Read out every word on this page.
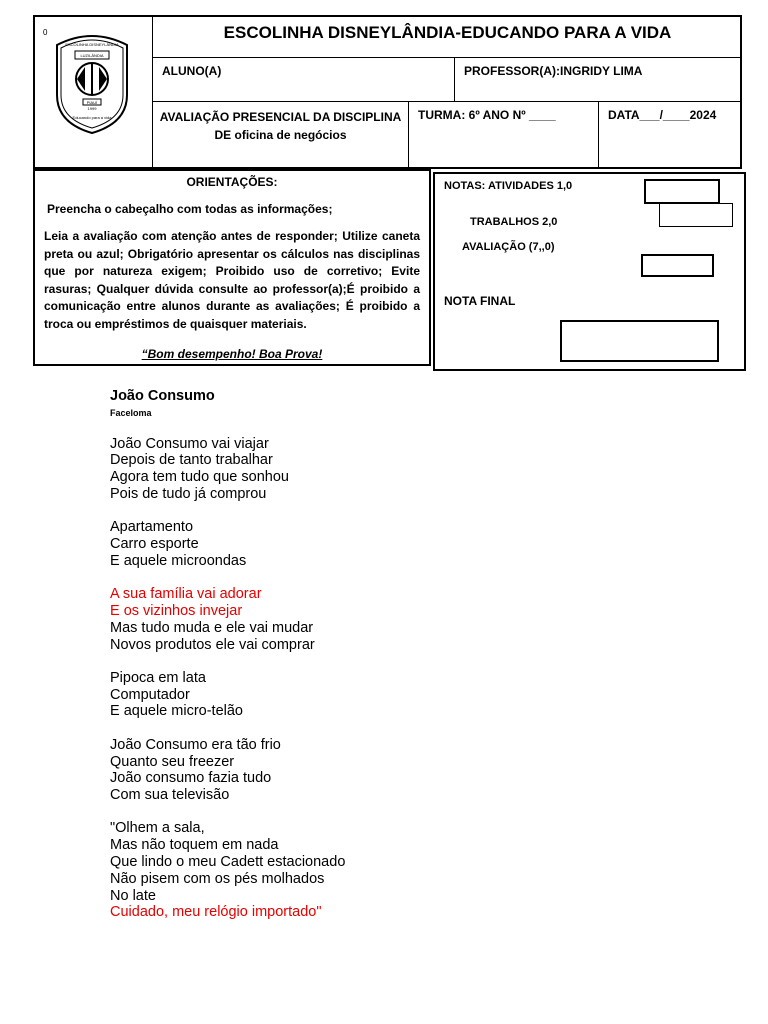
ESCOLINHA DISNEYLÂNDIA
LUZILÂNDIA
PIAUÍ
1999
Educando para a vida
0	ESCOLINHA DISNEYLÂNDIA-EDUCANDO PARA A VIDA
ALUNO(A)	PROFESSOR(A):INGRIDY LIMA
AVALIAÇÃO PRESENCIAL DA DISCIPLINA
DE oficina de negócios
TURMA: 6º ANO Nº ____	DATA___/____2024
ORIENTAÇÕES:
Preencha o cabeçalho com todas as informações;
Leia a avaliação com atenção antes de responder; Utilize caneta preta ou azul; Obrigatório apresentar os cálculos nas disciplinas que por natureza exigem; Proibido uso de corretivo; Evite rasuras; Qualquer dúvida consulte ao professor(a);É proibido a comunicação entre alunos durante as avaliações; É proibido a troca ou empréstimos de quaisquer materiais.
“Bom desempenho! Boa Prova!
NOTAS: ATIVIDADES 1,0
TRABALHOS 2,0
AVALIAÇÃO (7,,0)
NOTA FINAL
João Consumo
Faceloma
João Consumo vai viajar
Depois de tanto trabalhar
Agora tem tudo que sonhou
Pois de tudo já comprou
Apartamento
Carro esporte
E aquele microondas
A sua família vai adorar
E os vizinhos invejar
Mas tudo muda e ele vai mudar
Novos produtos ele vai comprar
Pipoca em lata
Computador
E aquele micro-telão
João Consumo era tão frio
Quanto seu freezer
João consumo fazia tudo
Com sua televisão
"Olhem a sala,
Mas não toquem em nada
Que lindo o meu Cadett estacionado
Não pisem com os pés molhados
No late
Cuidado, meu relógio importado"
